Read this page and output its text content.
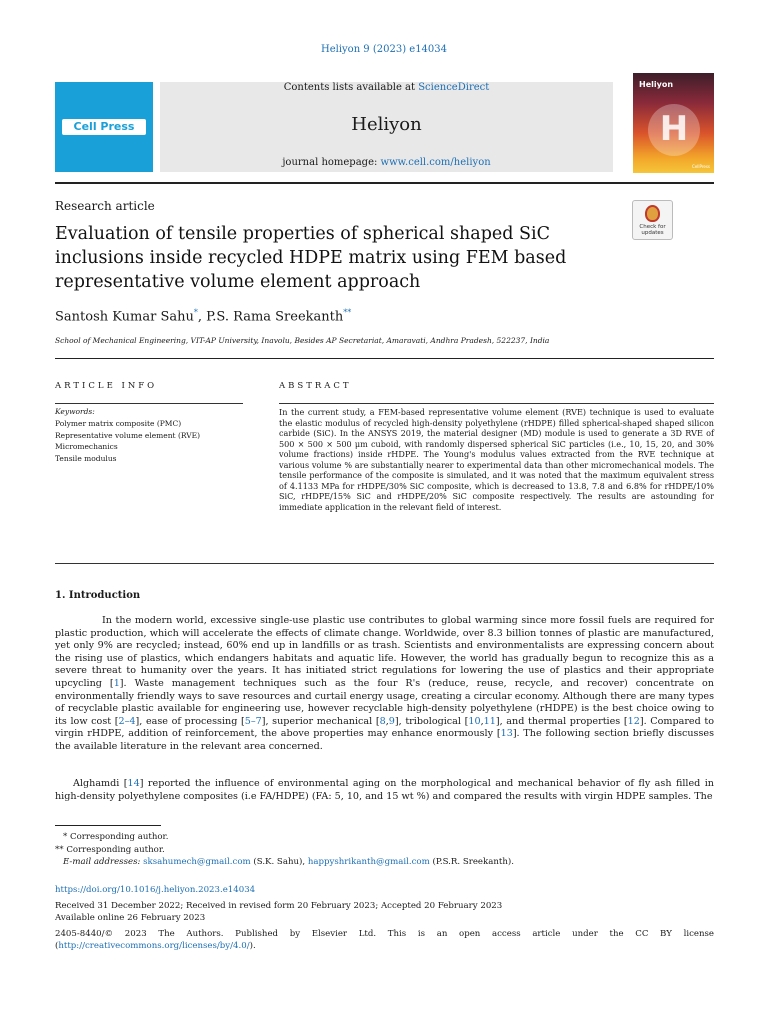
Heliyon 9 (2023) e14034
Cell Press
Contents lists available at ScienceDirect
Heliyon
journal homepage: www.cell.com/heliyon
Heliyon
H
CellPress
Research article
Check for
updates
Evaluation of tensile properties of spherical shaped SiC inclusions inside recycled HDPE matrix using FEM based representative volume element approach
Santosh Kumar Sahu*, P.S. Rama Sreekanth**
School of Mechanical Engineering, VIT-AP University, Inavolu, Besides AP Secretariat, Amaravati, Andhra Pradesh, 522237, India
ARTICLE INFO
Keywords:
Polymer matrix composite (PMC)
Representative volume element (RVE)
Micromechanics
Tensile modulus
ABSTRACT
In the current study, a FEM-based representative volume element (RVE) technique is used to evaluate the elastic modulus of recycled high-density polyethylene (rHDPE) filled spherical-shaped shaped silicon carbide (SiC). In the ANSYS 2019, the material designer (MD) module is used to generate a 3D RVE of 500 × 500 × 500 μm cuboid, with randomly dispersed spherical SiC particles (i.e., 10, 15, 20, and 30% volume fractions) inside rHDPE. The Young's modulus values extracted from the RVE technique at various volume % are substantially nearer to experimental data than other micromechanical models. The tensile performance of the composite is simulated, and it was noted that the maximum equivalent stress of 4.1133 MPa for rHDPE/30% SiC composite, which is decreased to 13.8, 7.8 and 6.8% for rHDPE/10% SiC, rHDPE/15% SiC and rHDPE/20% SiC composite respectively. The results are astounding for immediate application in the relevant field of interest.
1. Introduction
In the modern world, excessive single-use plastic use contributes to global warming since more fossil fuels are required for plastic production, which will accelerate the effects of climate change. Worldwide, over 8.3 billion tonnes of plastic are manufactured, yet only 9% are recycled; instead, 60% end up in landfills or as trash. Scientists and environmentalists are expressing concern about the rising use of plastics, which endangers habitats and aquatic life. However, the world has gradually begun to recognize this as a severe threat to humanity over the years. It has initiated strict regulations for lowering the use of plastics and their appropriate upcycling [1]. Waste management techniques such as the four R's (reduce, reuse, recycle, and recover) concentrate on environmentally friendly ways to save resources and curtail energy usage, creating a circular economy. Although there are many types of recyclable plastic available for engineering use, however recyclable high-density polyethylene (rHDPE) is the best choice owing to its low cost [2–4], ease of processing [5–7], superior mechanical [8,9], tribological [10,11], and thermal properties [12]. Compared to virgin rHDPE, addition of reinforcement, the above properties may enhance enormously [13]. The following section briefly discusses the available literature in the relevant area concerned.
Alghamdi [14] reported the influence of environmental aging on the morphological and mechanical behavior of fly ash filled in high-density polyethylene composites (i.e FA/HDPE) (FA: 5, 10, and 15 wt %) and compared the results with virgin HDPE samples. The
* Corresponding author.
** Corresponding author.
E-mail addresses: sksahumech@gmail.com (S.K. Sahu), happyshrikanth@gmail.com (P.S.R. Sreekanth).
https://doi.org/10.1016/j.heliyon.2023.e14034
Received 31 December 2022; Received in revised form 20 February 2023; Accepted 20 February 2023
Available online 26 February 2023
2405-8440/© 2023 The Authors. Published by Elsevier Ltd. This is an open access article under the CC BY license (http://creativecommons.org/licenses/by/4.0/).
